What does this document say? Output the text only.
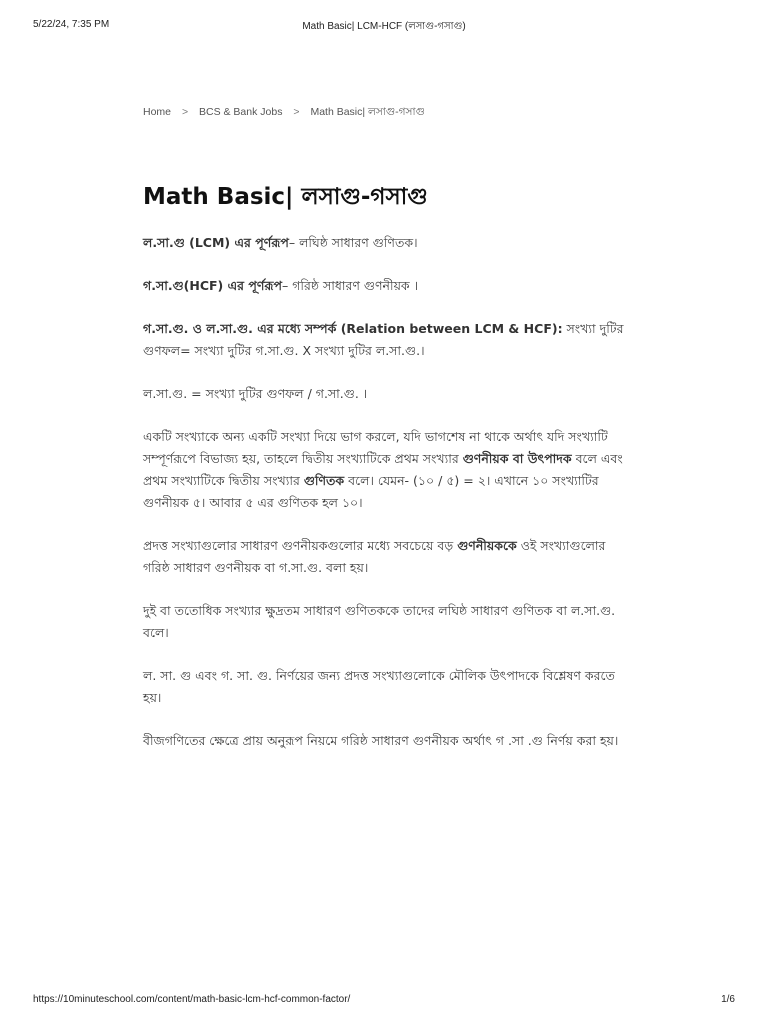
5/22/24, 7:35 PM	Math Basic| LCM-HCF (লসাগু-গসাগু)
Home > BCS & Bank Jobs > Math Basic| লসাগু-গসাগু
Math Basic| লসাগু-গসাগু

ল.সা.গু (LCM) এর পূর্ণরূপ– লঘিষ্ঠ সাধারণ গুণিতক।

গ.সা.গু(HCF) এর পূর্ণরূপ– গরিষ্ঠ সাধারণ গুণনীয়ক ।

গ.সা.গু. ও ল.সা.গু. এর মধ্যে সম্পর্ক (Relation between LCM & HCF): সংখ্যা দুটির গুণফল= সংখ্যা দুটির গ.সা.গু. X সংখ্যা দুটির ল.সা.গু.।

ল.সা.গু. = সংখ্যা দুটির গুণফল / গ.সা.গু. ।

একটি সংখ্যাকে অন্য একটি সংখ্যা দিয়ে ভাগ করলে, যদি ভাগশেষ না থাকে অর্থাৎ যদি সংখ্যাটি সম্পূর্ণরূপে বিভাজ্য হয়, তাহলে দ্বিতীয় সংখ্যাটিকে প্রথম সংখ্যার গুণনীয়ক বা উৎপাদক বলে এবং প্রথম সংখ্যাটিকে দ্বিতীয় সংখ্যার গুণিতক বলে। যেমন- (১০ / ৫) = ২। এখানে ১০ সংখ্যাটির গুণনীয়ক ৫। আবার ৫ এর গুণিতক হল ১০।

প্রদত্ত সংখ্যাগুলোর সাধারণ গুণনীয়কগুলোর মধ্যে সবচেয়ে বড় গুণনীয়ককে ওই সংখ্যাগুলোর গরিষ্ঠ সাধারণ গুণনীয়ক বা গ.সা.গু. বলা হয়।

দুই বা ততোধিক সংখ্যার ক্ষুদ্রতম সাধারণ গুণিতককে তাদের লঘিষ্ঠ সাধারণ গুণিতক বা ল.সা.গু. বলে।

ল. সা. গু এবং গ. সা. গু. নির্ণয়ের জন্য প্রদত্ত সংখ্যাগুলোকে মৌলিক উৎপাদকে বিশ্লেষণ করতে হয়।

বীজগণিতের ক্ষেত্রে প্রায় অনুরূপ নিয়মে গরিষ্ঠ সাধারণ গুণনীয়ক অর্থাৎ গ .সা .গু নির্ণয় করা হয়।

https://10minuteschool.com/content/math-basic-lcm-hcf-common-factor/	1/6
